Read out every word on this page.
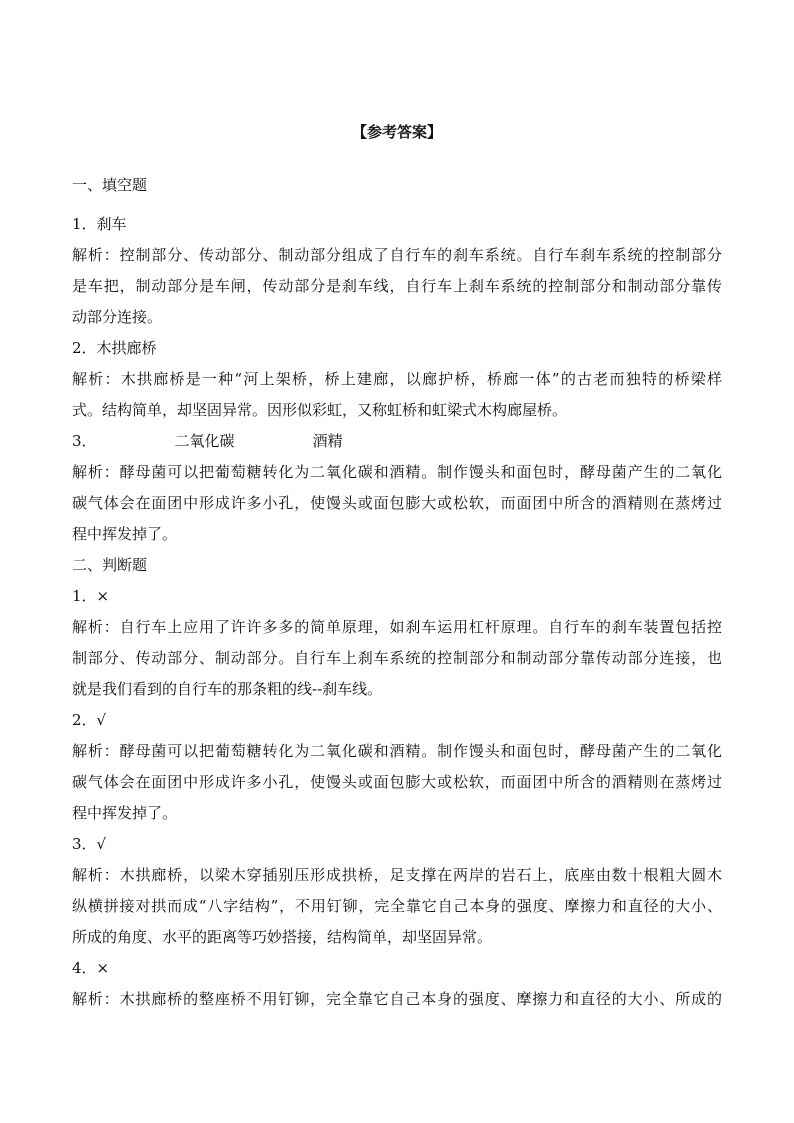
【参考答案】
一、填空题
1．刹车
解析：控制部分、传动部分、制动部分组成了自行车的刹车系统。自行车刹车系统的控制部分
是车把，制动部分是车闸，传动部分是刹车线，自行车上刹车系统的控制部分和制动部分靠传
动部分连接。
2．木拱廊桥
解析：木拱廊桥是一种“河上架桥，桥上建廊，以廊护桥，桥廊一体”的古老而独特的桥梁样
式。结构简单，却坚固异常。因形似彩虹，又称虹桥和虹梁式木构廊屋桥。
3．	二氧化碳	酒精
解析：酵母菌可以把葡萄糖转化为二氧化碳和酒精。制作馒头和面包时，酵母菌产生的二氧化
碳气体会在面团中形成许多小孔，使馒头或面包膨大或松软，而面团中所含的酒精则在蒸烤过
程中挥发掉了。
二、判断题
1．×
解析：自行车上应用了许许多多的简单原理，如刹车运用杠杆原理。自行车的刹车装置包括控
制部分、传动部分、制动部分。自行车上刹车系统的控制部分和制动部分靠传动部分连接，也
就是我们看到的自行车的那条粗的线--刹车线。
2．√
解析：酵母菌可以把葡萄糖转化为二氧化碳和酒精。制作馒头和面包时，酵母菌产生的二氧化
碳气体会在面团中形成许多小孔，使馒头或面包膨大或松软，而面团中所含的酒精则在蒸烤过
程中挥发掉了。
3．√
解析：木拱廊桥，以梁木穿插别压形成拱桥，足支撑在两岸的岩石上，底座由数十根粗大圆木
纵横拼接对拱而成“八字结构”，不用钉铆，完全靠它自己本身的强度、摩擦力和直径的大小、
所成的角度、水平的距离等巧妙搭接，结构简单，却坚固异常。
4．×
解析：木拱廊桥的整座桥不用钉铆，完全靠它自己本身的强度、摩擦力和直径的大小、所成的
